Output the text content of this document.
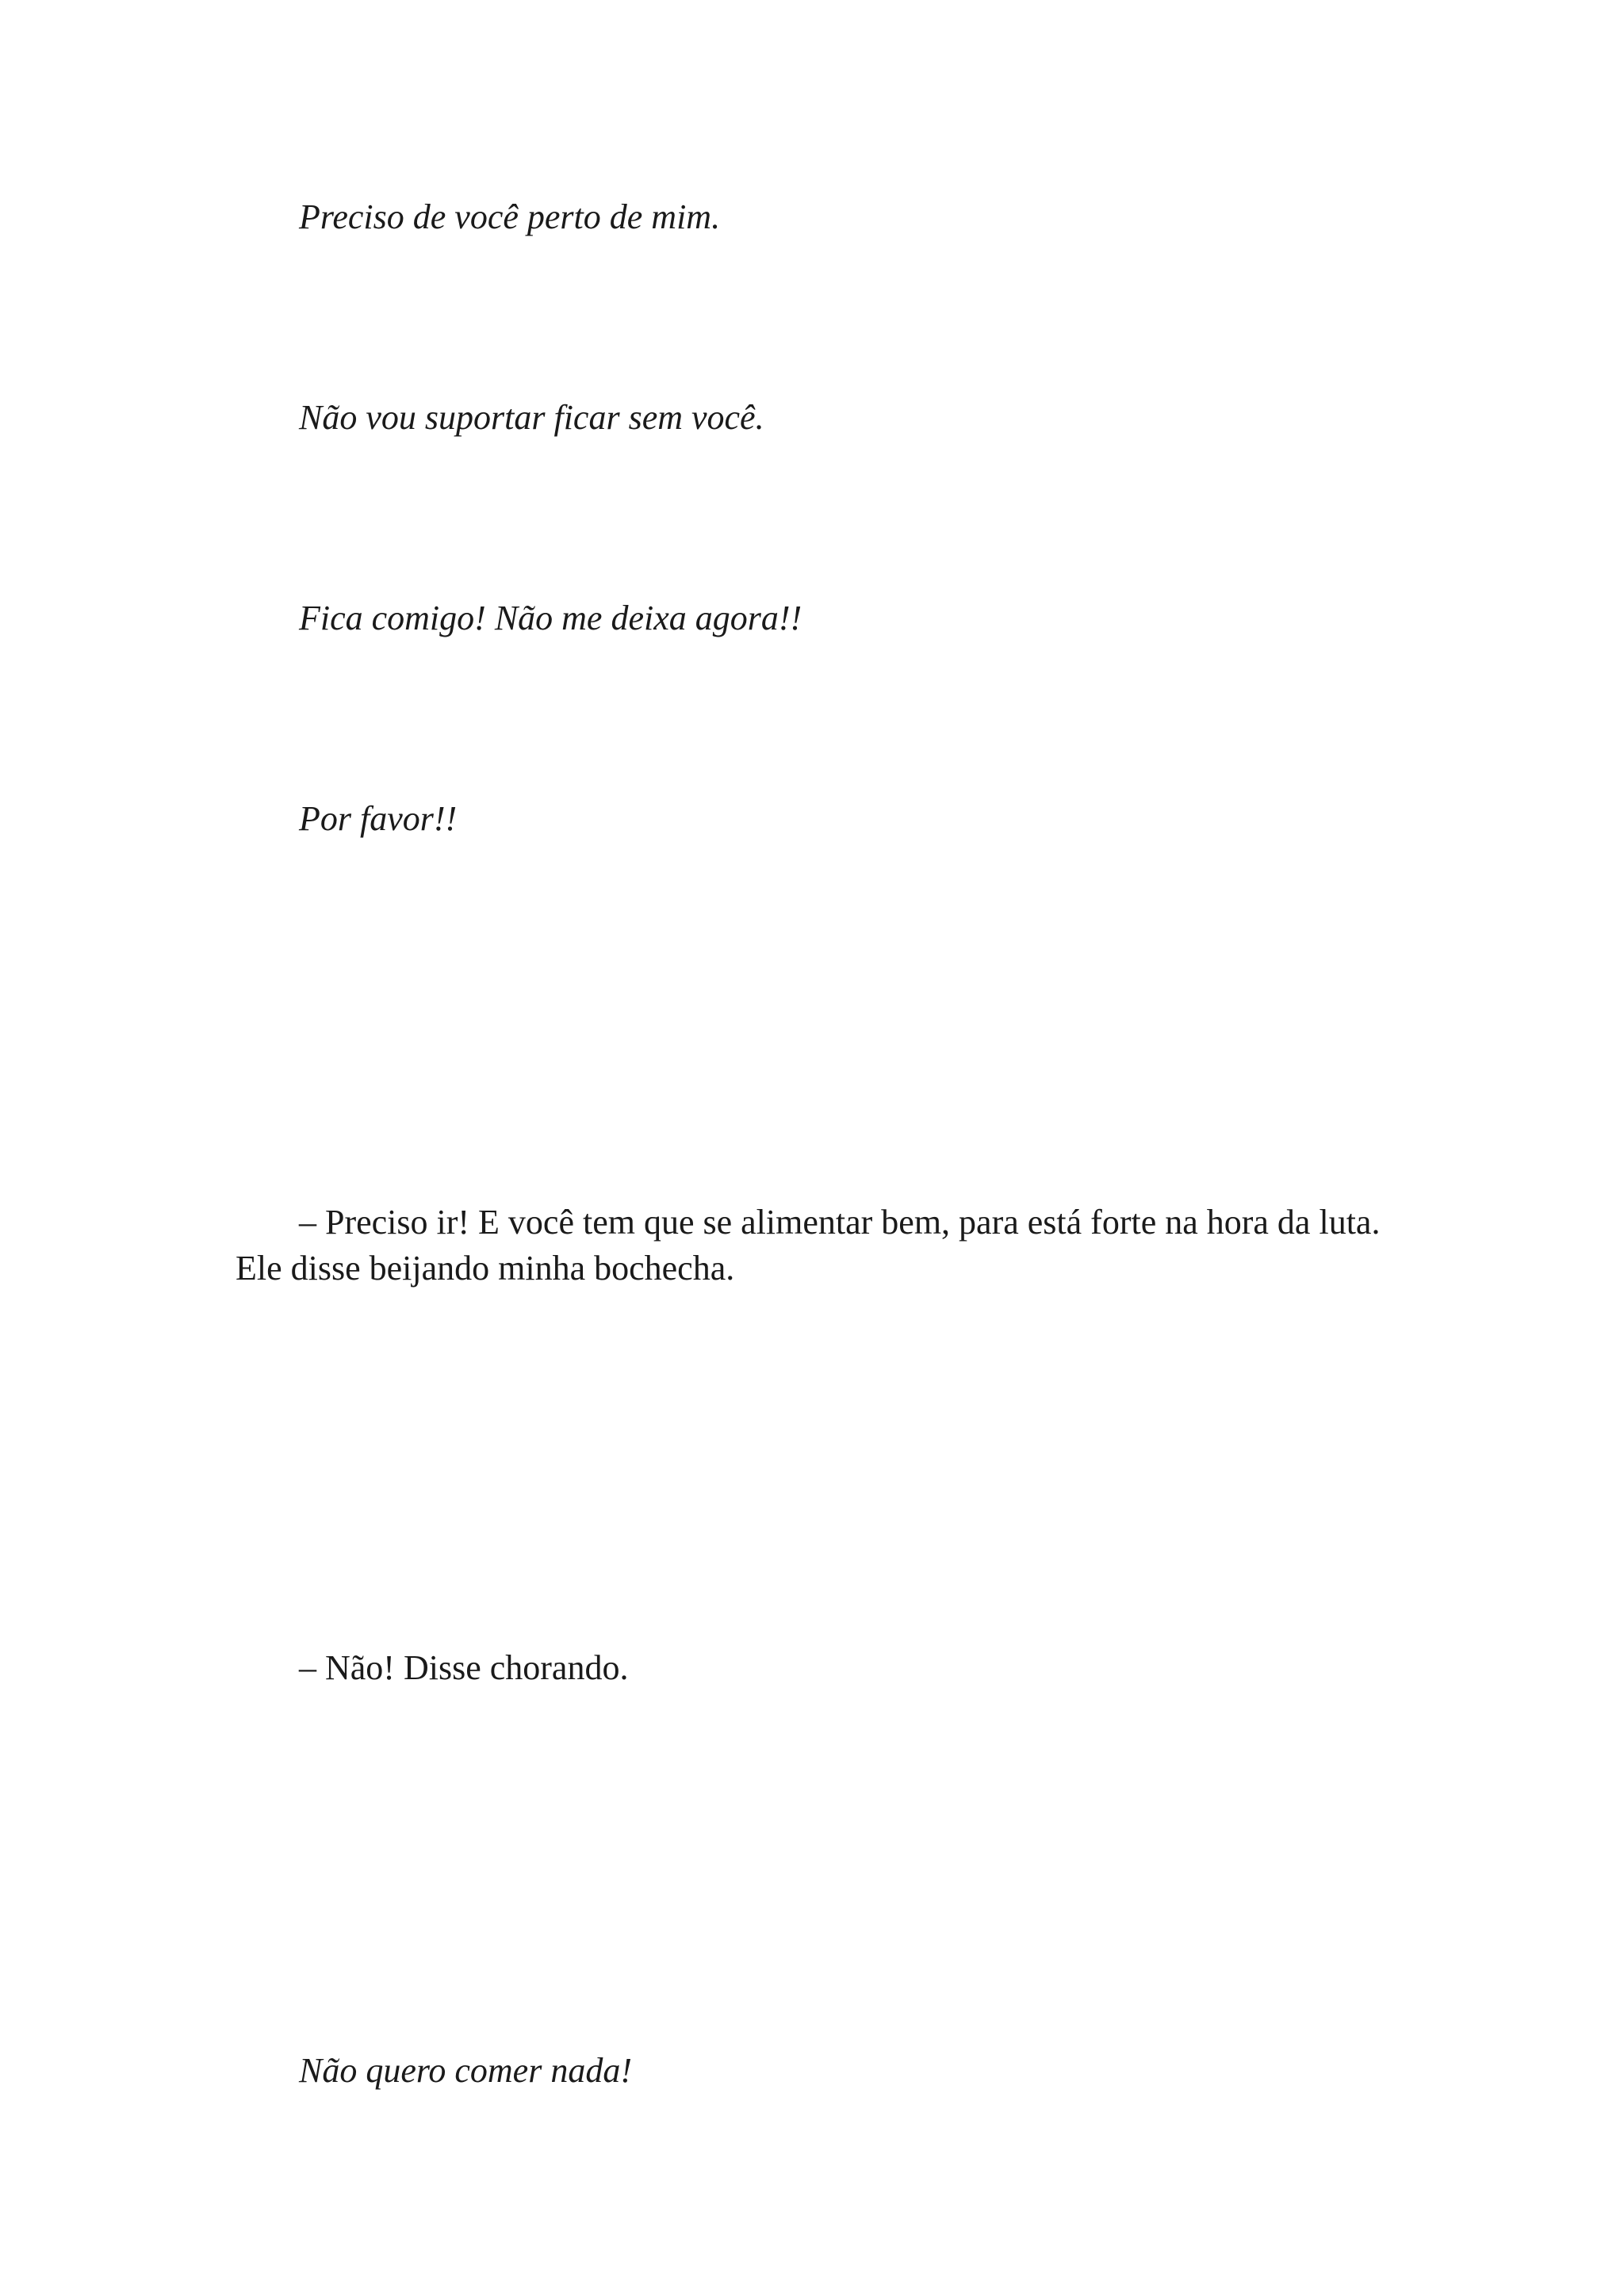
Preciso de você perto de mim.

Não vou suportar ficar sem você.

Fica comigo! Não me deixa agora!!

Por favor!!

– Preciso ir! E você tem que se alimentar bem, para está forte na hora da luta. Ele disse beijando minha bochecha.

– Não! Disse chorando.

Não quero comer nada!
